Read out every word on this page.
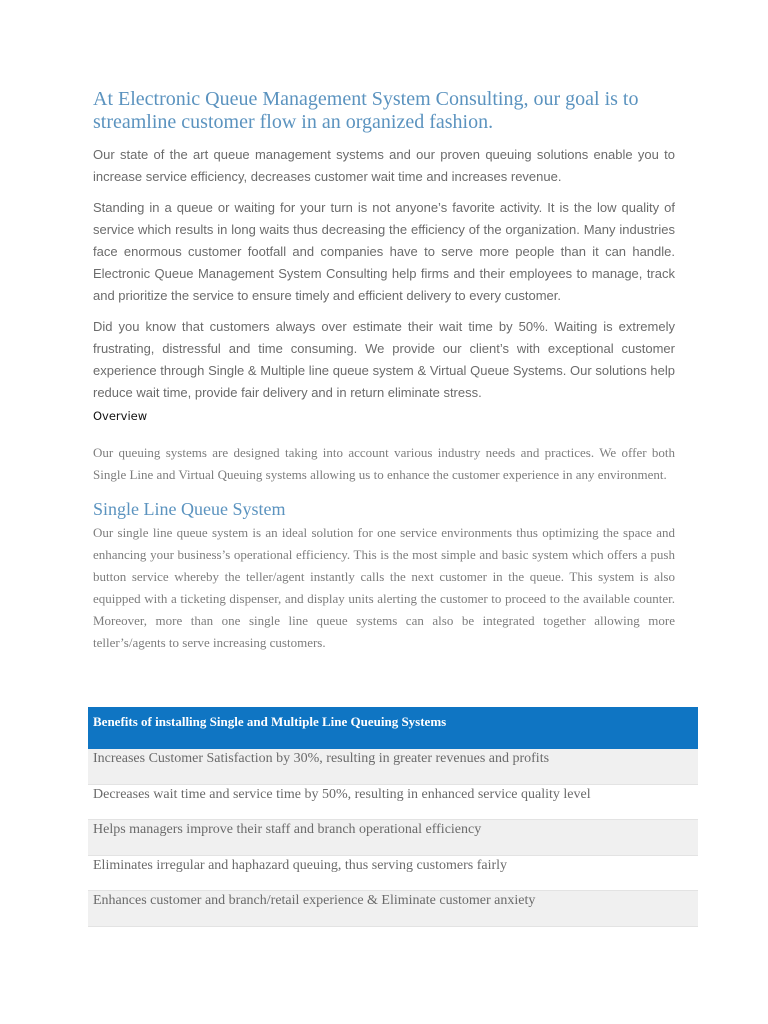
At Electronic Queue Management System Consulting, our goal is to streamline customer flow in an organized fashion.

Our state of the art queue management systems and our proven queuing solutions enable you to increase service efficiency, decreases customer wait time and increases revenue.

Standing in a queue or waiting for your turn is not anyone’s favorite activity. It is the low quality of service which results in long waits thus decreasing the efficiency of the organization. Many industries face enormous customer footfall and companies have to serve more people than it can handle. Electronic Queue Management System Consulting help firms and their employees to manage, track and prioritize the service to ensure timely and efficient delivery to every customer.

Did you know that customers always over estimate their wait time by 50%. Waiting is extremely frustrating, distressful and time consuming. We provide our client’s with exceptional customer experience through Single & Multiple line queue system & Virtual Queue Systems. Our solutions help reduce wait time, provide fair delivery and in return eliminate stress.

Overview

Our queuing systems are designed taking into account various industry needs and practices. We offer both Single Line and Virtual Queuing systems allowing us to enhance the customer experience in any environment.

Single Line Queue System

Our single line queue system is an ideal solution for one service environments thus optimizing the space and enhancing your business’s operational efficiency. This is the most simple and basic system which offers a push button service whereby the teller/agent instantly calls the next customer in the queue. This system is also equipped with a ticketing dispenser, and display units alerting the customer to proceed to the available counter. Moreover, more than one single line queue systems can also be integrated together allowing more teller’s/agents to serve increasing customers.

Benefits of installing Single and Multiple Line Queuing Systems
Increases Customer Satisfaction by 30%, resulting in greater revenues and profits
Decreases wait time and service time by 50%, resulting in enhanced service quality level
Helps managers improve their staff and branch operational efficiency
Eliminates irregular and haphazard queuing, thus serving customers fairly
Enhances customer and branch/retail experience & Eliminate customer anxiety
